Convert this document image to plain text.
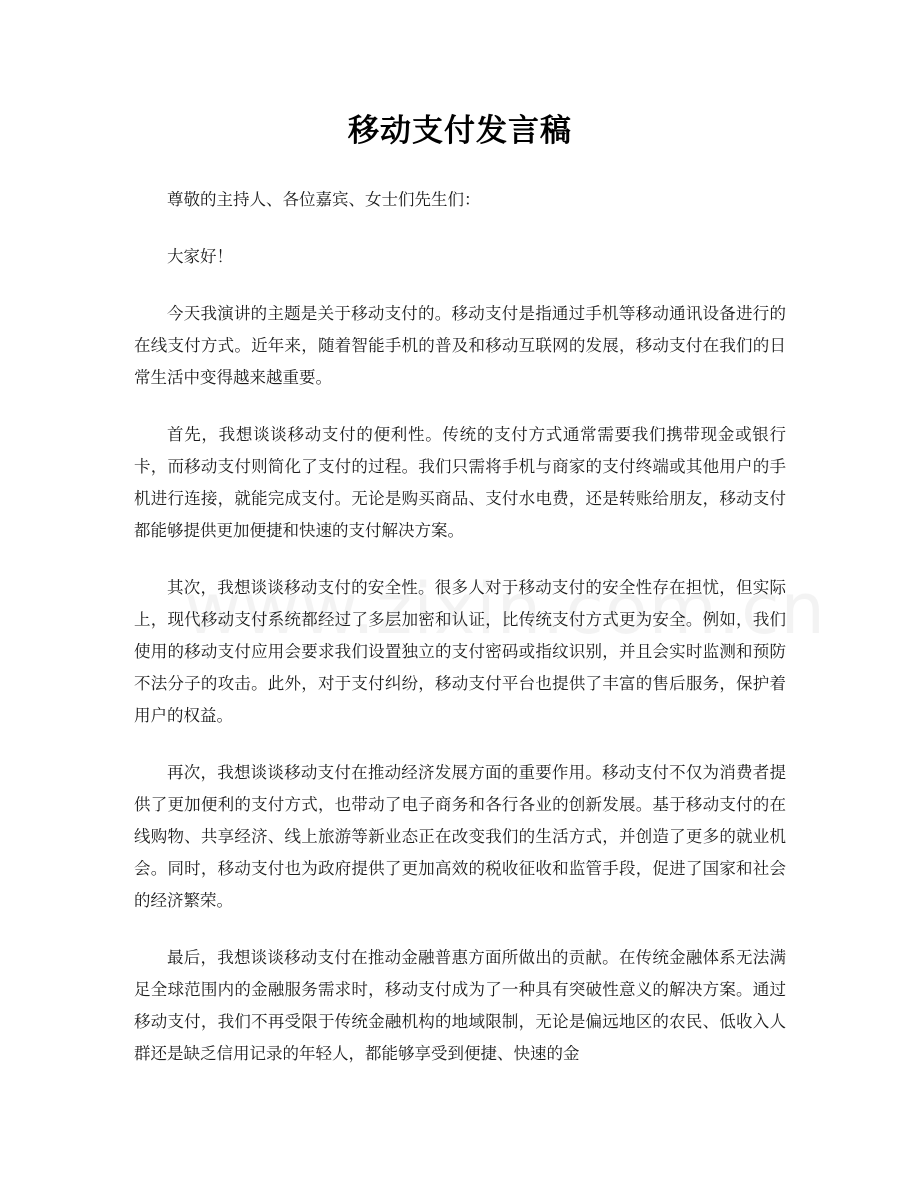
移动支付发言稿

尊敬的主持人、各位嘉宾、女士们先生们：

大家好！

今天我演讲的主题是关于移动支付的。移动支付是指通过手机等移动通讯设备进行的在线支付方式。近年来，随着智能手机的普及和移动互联网的发展，移动支付在我们的日常生活中变得越来越重要。

首先，我想谈谈移动支付的便利性。传统的支付方式通常需要我们携带现金或银行卡，而移动支付则简化了支付的过程。我们只需将手机与商家的支付终端或其他用户的手机进行连接，就能完成支付。无论是购买商品、支付水电费，还是转账给朋友，移动支付都能够提供更加便捷和快速的支付解决方案。

其次，我想谈谈移动支付的安全性。很多人对于移动支付的安全性存在担忧，但实际上，现代移动支付系统都经过了多层加密和认证，比传统支付方式更为安全。例如，我们使用的移动支付应用会要求我们设置独立的支付密码或指纹识别，并且会实时监测和预防不法分子的攻击。此外，对于支付纠纷，移动支付平台也提供了丰富的售后服务，保护着用户的权益。

再次，我想谈谈移动支付在推动经济发展方面的重要作用。移动支付不仅为消费者提供了更加便利的支付方式，也带动了电子商务和各行各业的创新发展。基于移动支付的在线购物、共享经济、线上旅游等新业态正在改变我们的生活方式，并创造了更多的就业机会。同时，移动支付也为政府提供了更加高效的税收征收和监管手段，促进了国家和社会的经济繁荣。

最后，我想谈谈移动支付在推动金融普惠方面所做出的贡献。在传统金融体系无法满足全球范围内的金融服务需求时，移动支付成为了一种具有突破性意义的解决方案。通过移动支付，我们不再受限于传统金融机构的地域限制，无论是偏远地区的农民、低收入人群还是缺乏信用记录的年轻人，都能够享受到便捷、快速的金
